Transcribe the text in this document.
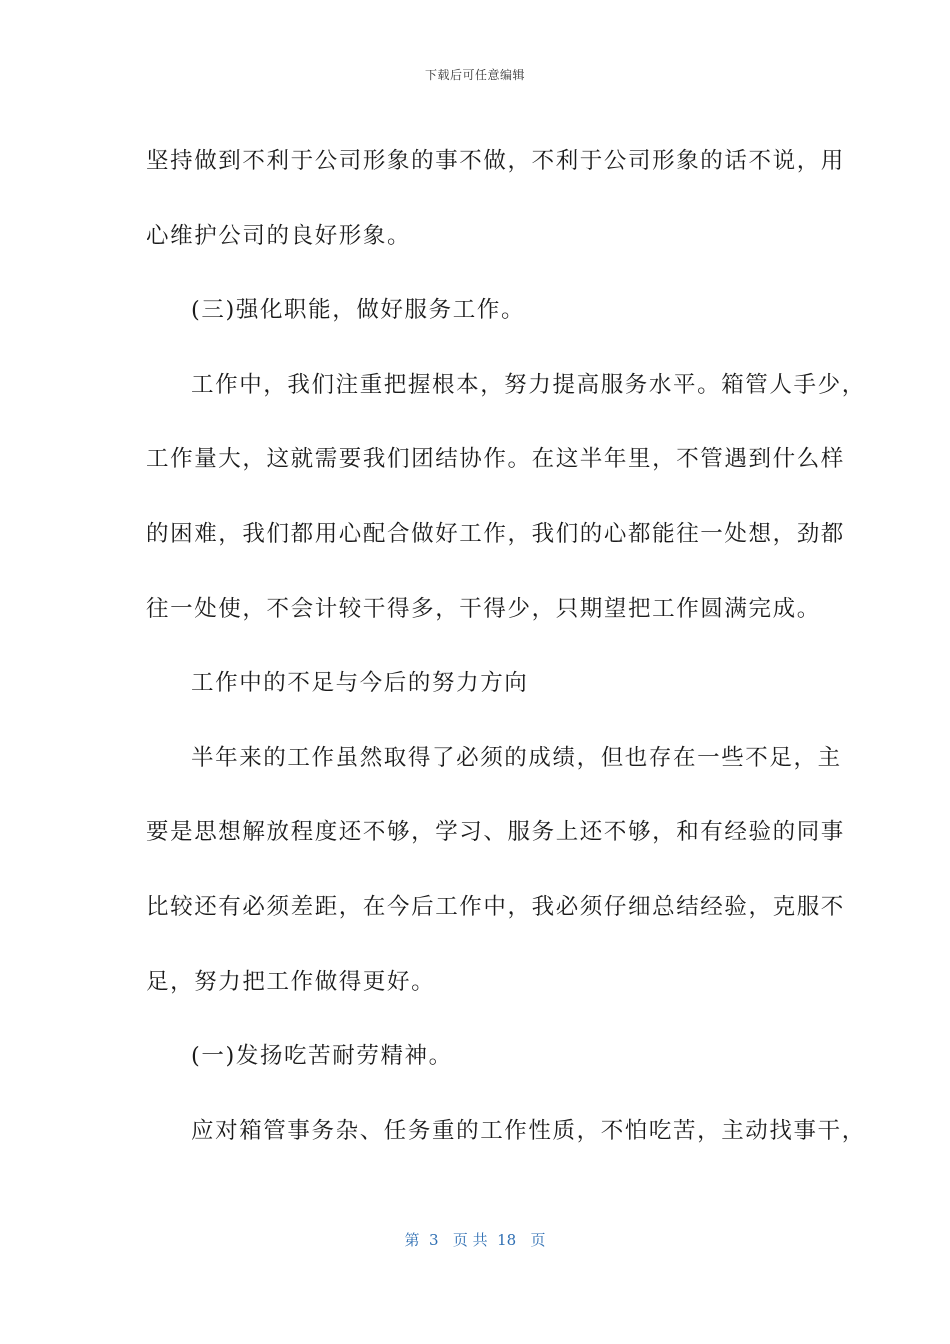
下载后可任意编辑
坚持做到不利于公司形象的事不做，不利于公司形象的话不说，用
心维护公司的良好形象。
(三)强化职能，做好服务工作。
工作中，我们注重把握根本，努力提高服务水平。箱管人手少，
工作量大，这就需要我们团结协作。在这半年里，不管遇到什么样
的困难，我们都用心配合做好工作，我们的心都能往一处想，劲都
往一处使，不会计较干得多，干得少，只期望把工作圆满完成。
工作中的不足与今后的努力方向
半年来的工作虽然取得了必须的成绩，但也存在一些不足，主
要是思想解放程度还不够，学习、服务上还不够，和有经验的同事
比较还有必须差距，在今后工作中，我必须仔细总结经验，克服不
足，努力把工作做得更好。
(一)发扬吃苦耐劳精神。
应对箱管事务杂、任务重的工作性质，不怕吃苦，主动找事干，
第  3   页 共  18   页
